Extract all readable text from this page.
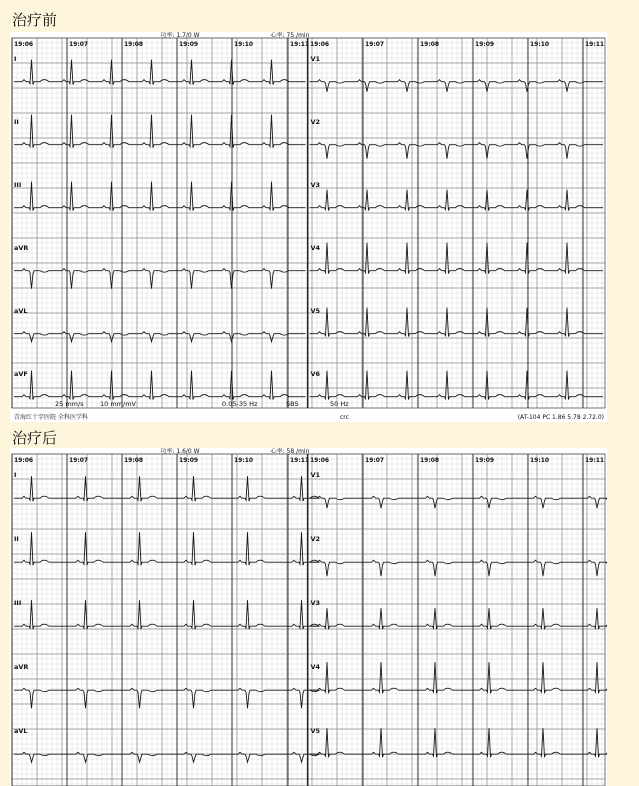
治疗前
功率: 1.7/0 W	心率: 75 /min
19:06	19:07	19:08	19:09	19:10	19:11 19:06	19:07	19:08	19:09	19:10	19:11
I	V1
II	V2
III	V3
aVR	V4
aVL	V5
aVF	V6
25 mm/s	10 mm/mV	0.05-35 Hz	SBS	50 Hz
青海红十字医院 全科医学科	crc	(AT-104 PC 1.86 5.78 2.72.0)
治疗后
功率: 1.6/0 W	心率: 58 /min
19:06	19:07	19:08	19:09	19:10	19:11 19:06	19:07	19:08	19:09	19:10	19:11
I	V1
II	V2
III	V3
aVR	V4
aVL	V5
